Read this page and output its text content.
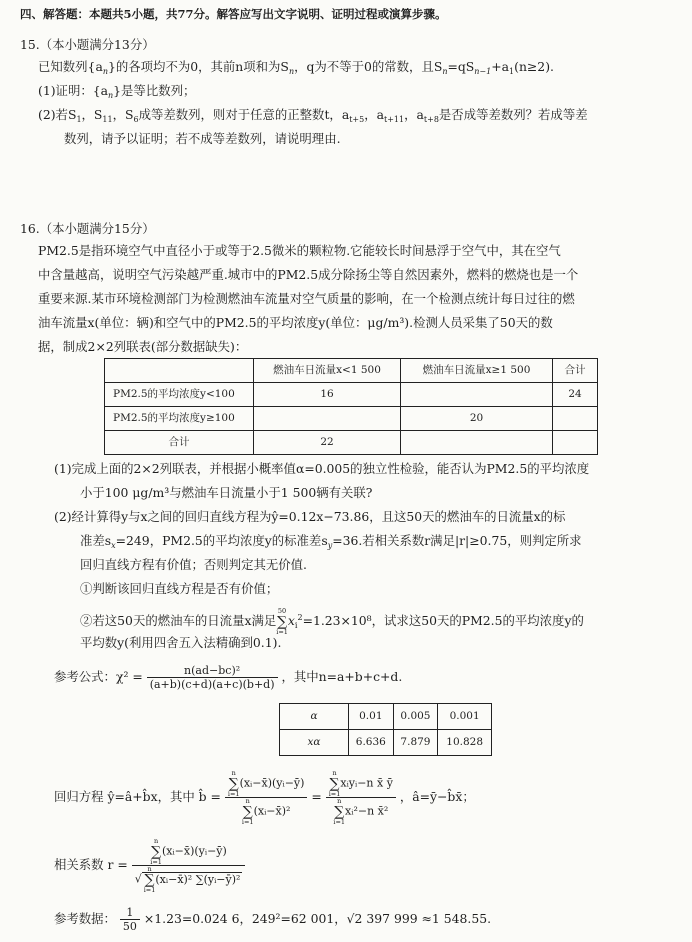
四、解答题：本题共5小题，共77分。解答应写出文字说明、证明过程或演算步骤。
15.（本小题满分13分）
已知数列$\{a_n\}$的各项均不为0，其前n项和为$S_n$，q为不等于0的常数，且$S_n=qS_{n-1}+a_1(n\ge 2)$.
(1)证明：$\{a_n\}$是等比数列；
(2)若$S_1$，$S_{11}$，$S_6$成等差数列，则对于任意的正整数t，$a_{t+5}$，$a_{t+11}$，$a_{t+8}$是否成等差数列？若成等差
数列，请予以证明；若不成等差数列，请说明理由.
16.（本小题满分15分）
PM2.5是指环境空气中直径小于或等于2.5微米的颗粒物.它能较长时间悬浮于空气中，其在空气
中含量越高，说明空气污染越严重.城市中的PM2.5成分除扬尘等自然因素外，燃料的燃烧也是一个
重要来源.某市环境检测部门为检测燃油车流量对空气质量的影响，在一个检测点统计每日过往的燃
油车流量x(单位：辆)和空气中的PM2.5的平均浓度y(单位：μg/m³).检测人员采集了50天的数
据，制成2×2列联表(部分数据缺失)：
	燃油车日流量x<1 500	燃油车日流量x≥1 500	合计
PM2.5的平均浓度y<100	16		24
PM2.5的平均浓度y≥100		20	
合计	22		
(1)完成上面的2×2列联表，并根据小概率值α=0.005的独立性检验，能否认为PM2.5的平均浓度
小于100 μg/m³与燃油车日流量小于1 500辆有关联?
(2)经计算得y与x之间的回归直线方程为ŷ=0.12x−73.86，且这50天的燃油车的日流量x的标
准差$s_x=249$，PM2.5的平均浓度y的标准差$s_y=36$.若相关系数r满足|r|≥0.75，则判定所求
回归直线方程有价值；否则判定其无价值.
①判断该回归直线方程是否有价值；
②若这50天的燃油车的日流量x满足50
∑
$i=1x_i^2=1.23\times 10^8$，试求这50天的PM2.5的平均浓度y的
平均数y(利用四舍五入法精确到0.1).
参考公式：$\chi^2 = \frac{\text{n(ad−bc)²}}{(a+b)(c+d)(a+c)(b+d)}$ ，其中n=a+b+c+d.
α	0.01	0.005	0.001
xα	6.636	7.879	10.828
回归方程 ŷ=â+b̂x，其中 b̂ = n
∑
i=1(xᵢ−x̄)(yᵢ−ȳ)
n
∑
i=1(xᵢ−x̄)² = n
∑
i=1xᵢyᵢ−n x̄ ȳ
n
∑
i=1xᵢ²−n x̄² ，â=ȳ−b̂x̄；
相关系数 r = n
∑
i=1(xᵢ−x̄)(yᵢ−ȳ)
√n
∑
i=1(xᵢ−x̄)² ∑(yᵢ−ȳ)²
参考数据： $\frac{1}{50} \times 1.23=0.024$ 6，249²=62 001，√2 397 999 ≈1 548.55.
